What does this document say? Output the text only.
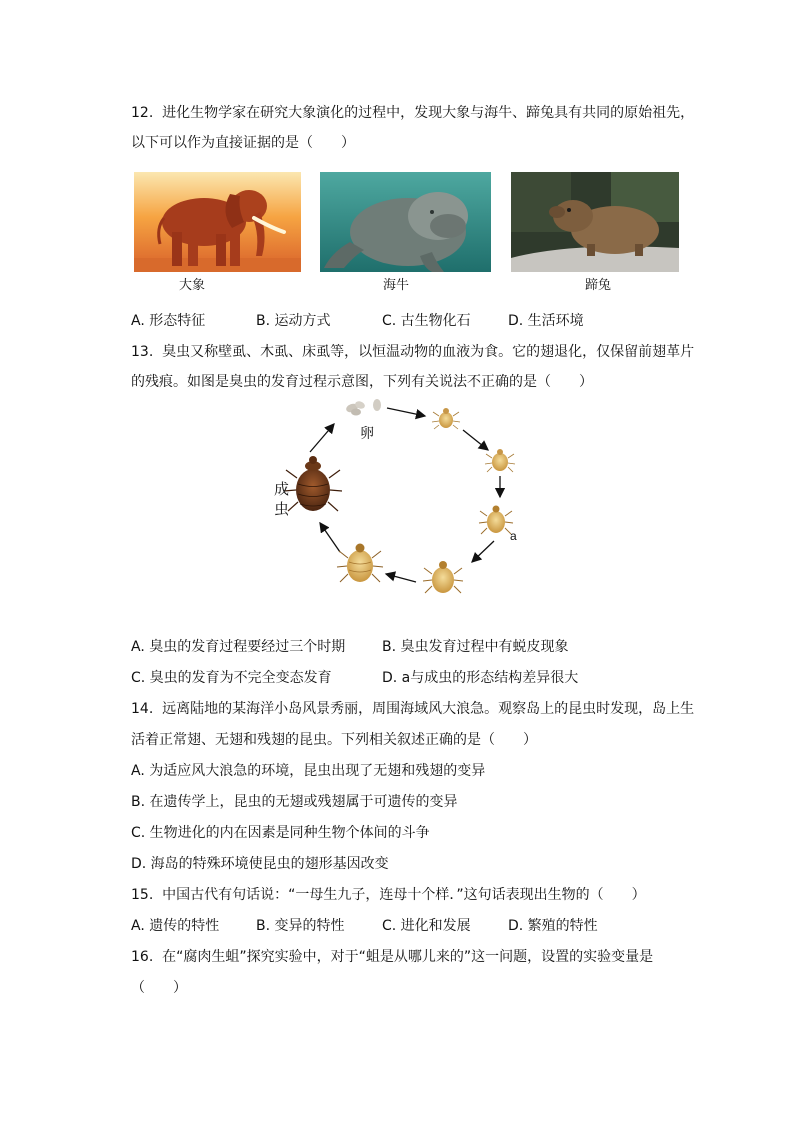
12.  进化生物学家在研究大象演化的过程中，发现大象与海牛、蹄兔具有共同的原始祖先，
以下可以作为直接证据的是（　　）
大象	海牛	蹄兔
A. 形态特征	B. 运动方式	C. 古生物化石	D. 生活环境
13.  臭虫又称壁虱、木虱、床虱等，以恒温动物的血液为食。它的翅退化，仅保留前翅革片
的残痕。如图是臭虫的发育过程示意图，下列有关说法不正确的是（　　）
a
卵
成
虫
A. 臭虫的发育过程要经过三个时期	B. 臭虫发育过程中有蜕皮现象
C. 臭虫的发育为不完全变态发育	D. a与成虫的形态结构差异很大
14.  远离陆地的某海洋小岛风景秀丽，周围海域风大浪急。观察岛上的昆虫时发现，岛上生
活着正常翅、无翅和残翅的昆虫。下列相关叙述正确的是（　　）
A. 为适应风大浪急的环境，昆虫出现了无翅和残翅的变异
B. 在遗传学上，昆虫的无翅或残翅属于可遗传的变异
C. 生物进化的内在因素是同种生物个体间的斗争
D. 海岛的特殊环境使昆虫的翅形基因改变
15.  中国古代有句话说：“一母生九子，连母十个样．”这句话表现出生物的（　　）
A. 遗传的特性	B. 变异的特性	C. 进化和发展	D. 繁殖的特性
16.  在“腐肉生蛆”探究实验中，对于“蛆是从哪儿来的”这一问题，设置的实验变量是
（　　）
